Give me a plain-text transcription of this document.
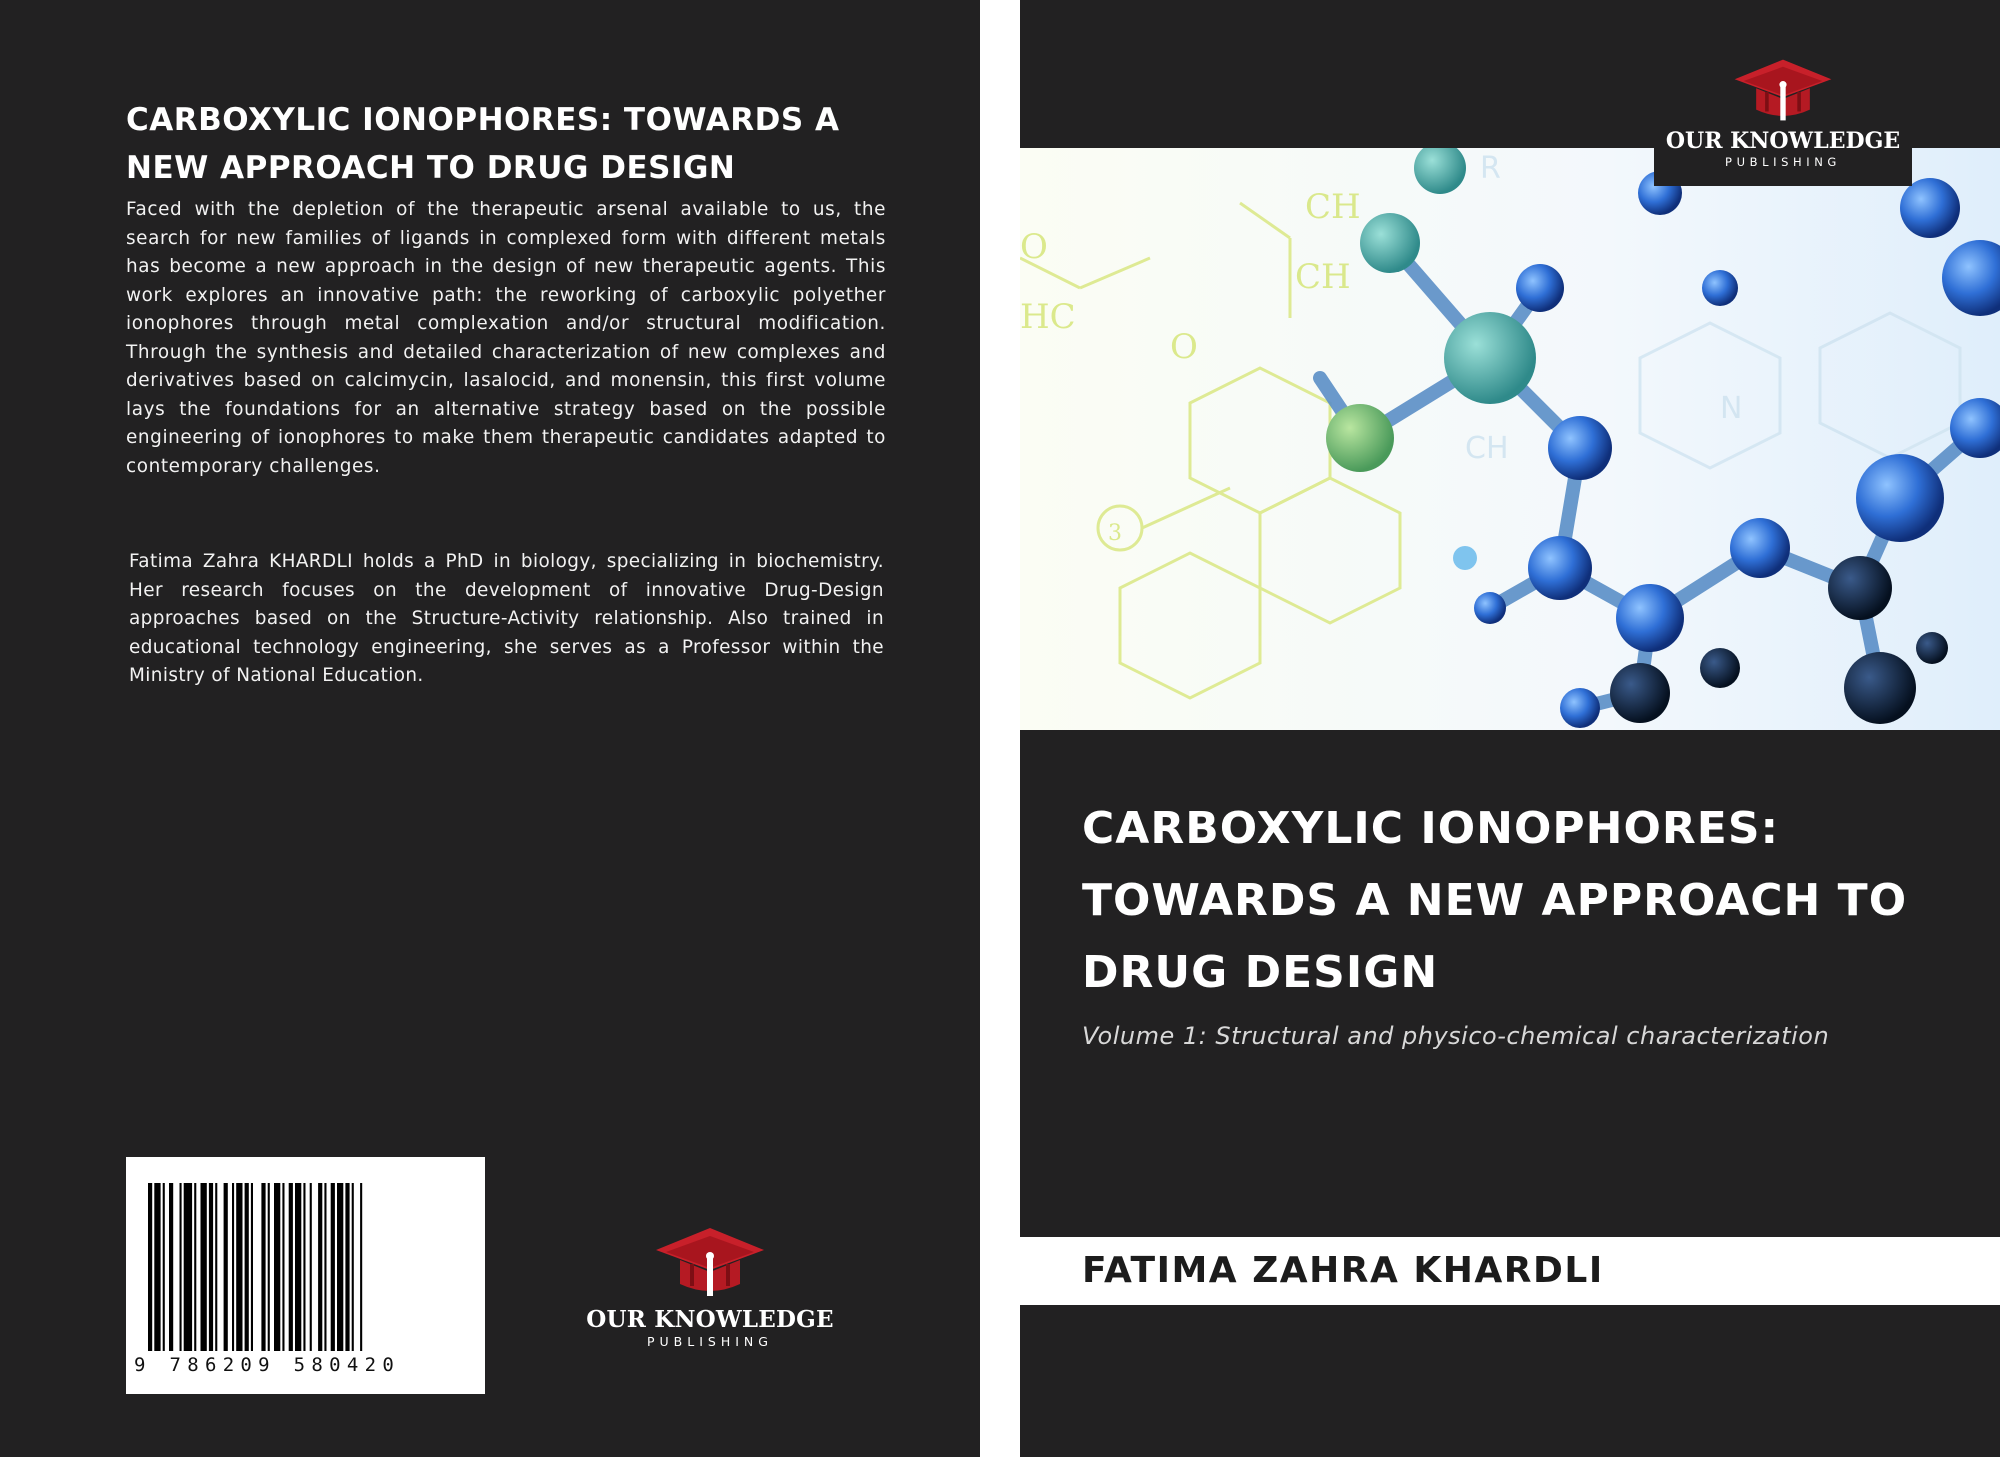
CARBOXYLIC IONOPHORES: TOWARDS A NEW APPROACH TO DRUG DESIGN
Faced with the depletion of the therapeutic arsenal available to us, the search for new families of ligands in complexed form with different metals has become a new approach in the design of new therapeutic agents. This work explores an innovative path: the reworking of carboxylic polyether ionophores through metal complexation and/or structural modification. Through the synthesis and detailed characterization of new complexes and derivatives based on calcimycin, lasalocid, and monensin, this first volume lays the foundations for an alternative strategy based on the possible engineering of ionophores to make them therapeutic candidates adapted to contemporary challenges.
Fatima Zahra KHARDLI holds a PhD in biology, specializing in biochemistry. Her research focuses on the development of innovative Drug-Design approaches based on the Structure-Activity relationship. Also trained in educational technology engineering, she serves as a Professor within the Ministry of National Education.
9 786209 580420
OUR KNOWLEDGE
PUBLISHING
CH
CH
HC
O
O
3
CH
N
R
OUR KNOWLEDGE
PUBLISHING
CARBOXYLIC IONOPHORES: TOWARDS A NEW APPROACH TO DRUG DESIGN
Volume 1: Structural and physico-chemical characterization
FATIMA ZAHRA KHARDLI
